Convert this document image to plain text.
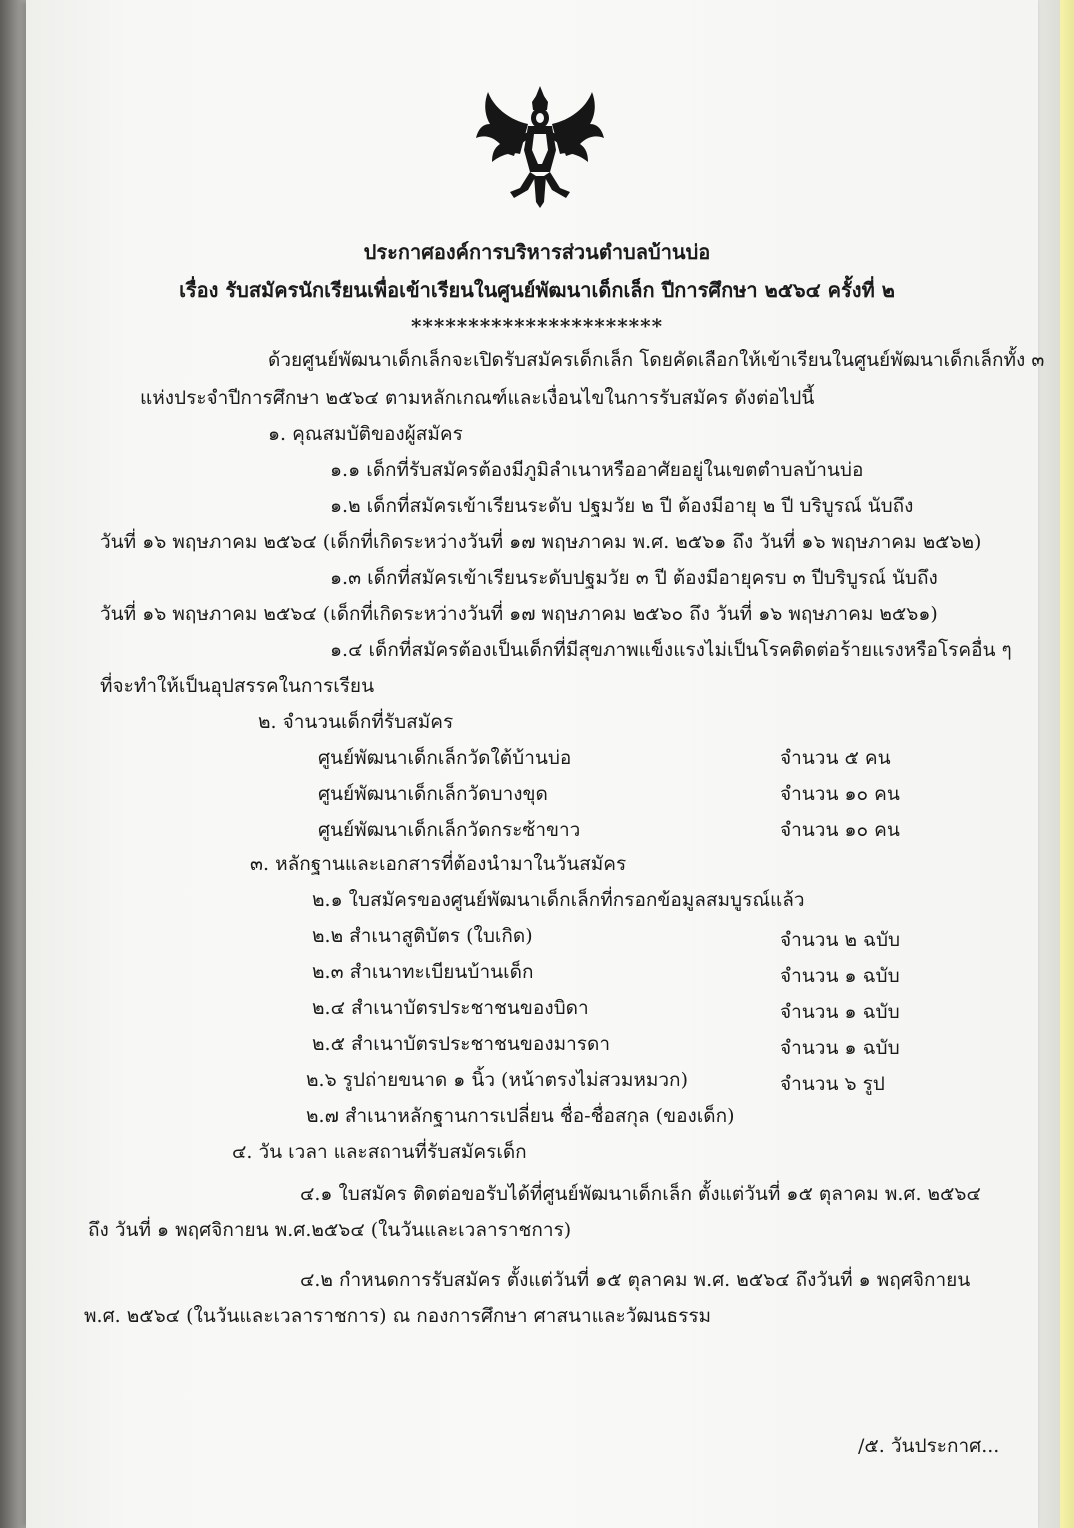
ประกาศองค์การบริหารส่วนตำบลบ้านบ่อ
เรื่อง รับสมัครนักเรียนเพื่อเข้าเรียนในศูนย์พัฒนาเด็กเล็ก ปีการศึกษา ๒๕๖๔ ครั้งที่ ๒
**********************
ด้วยศูนย์พัฒนาเด็กเล็กจะเปิดรับสมัครเด็กเล็ก โดยคัดเลือกให้เข้าเรียนในศูนย์พัฒนาเด็กเล็กทั้ง ๓
แห่งประจำปีการศึกษา ๒๕๖๔ ตามหลักเกณฑ์และเงื่อนไขในการรับสมัคร ดังต่อไปนี้
๑. คุณสมบัติของผู้สมัคร
๑.๑ เด็กที่รับสมัครต้องมีภูมิลำเนาหรืออาศัยอยู่ในเขตตำบลบ้านบ่อ
๑.๒ เด็กที่สมัครเข้าเรียนระดับ ปฐมวัย ๒ ปี ต้องมีอายุ ๒ ปี บริบูรณ์ นับถึง
วันที่ ๑๖ พฤษภาคม ๒๕๖๔ (เด็กที่เกิดระหว่างวันที่ ๑๗ พฤษภาคม พ.ศ. ๒๕๖๑ ถึง วันที่ ๑๖ พฤษภาคม ๒๕๖๒)
๑.๓ เด็กที่สมัครเข้าเรียนระดับปฐมวัย ๓ ปี ต้องมีอายุครบ ๓ ปีบริบูรณ์ นับถึง
วันที่ ๑๖ พฤษภาคม ๒๕๖๔ (เด็กที่เกิดระหว่างวันที่ ๑๗ พฤษภาคม ๒๕๖๐ ถึง วันที่ ๑๖ พฤษภาคม ๒๕๖๑)
๑.๔ เด็กที่สมัครต้องเป็นเด็กที่มีสุขภาพแข็งแรงไม่เป็นโรคติดต่อร้ายแรงหรือโรคอื่น ๆ
ที่จะทำให้เป็นอุปสรรคในการเรียน
๒. จำนวนเด็กที่รับสมัคร
ศูนย์พัฒนาเด็กเล็กวัดใต้บ้านบ่อ	จำนวน ๕ คน
ศูนย์พัฒนาเด็กเล็กวัดบางขุด	จำนวน ๑๐ คน
ศูนย์พัฒนาเด็กเล็กวัดกระซ้าขาว	จำนวน ๑๐ คน
๓. หลักฐานและเอกสารที่ต้องนำมาในวันสมัคร
๒.๑ ใบสมัครของศูนย์พัฒนาเด็กเล็กที่กรอกข้อมูลสมบูรณ์แล้ว
๒.๒ สำเนาสูติบัตร (ใบเกิด)	จำนวน ๒ ฉบับ
๒.๓ สำเนาทะเบียนบ้านเด็ก	จำนวน ๑ ฉบับ
๒.๔ สำเนาบัตรประชาชนของบิดา	จำนวน ๑ ฉบับ
๒.๕ สำเนาบัตรประชาชนของมารดา	จำนวน ๑ ฉบับ
๒.๖ รูปถ่ายขนาด ๑ นิ้ว (หน้าตรงไม่สวมหมวก)	จำนวน ๖ รูป
๒.๗ สำเนาหลักฐานการเปลี่ยน ชื่อ-ชื่อสกุล (ของเด็ก)
๔. วัน เวลา และสถานที่รับสมัครเด็ก
๔.๑ ใบสมัคร ติดต่อขอรับได้ที่ศูนย์พัฒนาเด็กเล็ก ตั้งแต่วันที่ ๑๕ ตุลาคม พ.ศ. ๒๕๖๔
ถึง วันที่ ๑ พฤศจิกายน พ.ศ.๒๕๖๔ (ในวันและเวลาราชการ)
๔.๒ กำหนดการรับสมัคร ตั้งแต่วันที่ ๑๕ ตุลาคม พ.ศ. ๒๕๖๔ ถึงวันที่ ๑ พฤศจิกายน
พ.ศ. ๒๕๖๔ (ในวันและเวลาราชการ) ณ กองการศึกษา ศาสนาและวัฒนธรรม
/๕. วันประกาศ...
